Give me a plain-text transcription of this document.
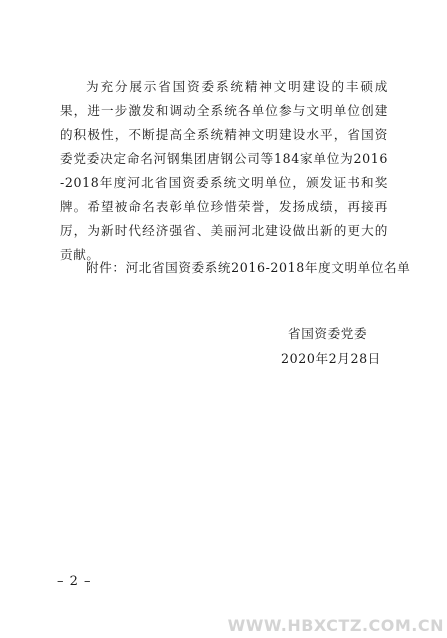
为充分展示省国资委系统精神文明建设的丰硕成果，进一步激发和调动全系统各单位参与文明单位创建的积极性，不断提高全系统精神文明建设水平，省国资委党委决定命名河钢集团唐钢公司等184家单位为2016-2018年度河北省国资委系统文明单位，颁发证书和奖牌。希望被命名表彰单位珍惜荣誉，发扬成绩，再接再厉，为新时代经济强省、美丽河北建设做出新的更大的贡献。

附件：河北省国资委系统2016-2018年度文明单位名单
省国资委党委
2020年2月28日
– 2 –
WWW.HBXCTZ.COM.CN
